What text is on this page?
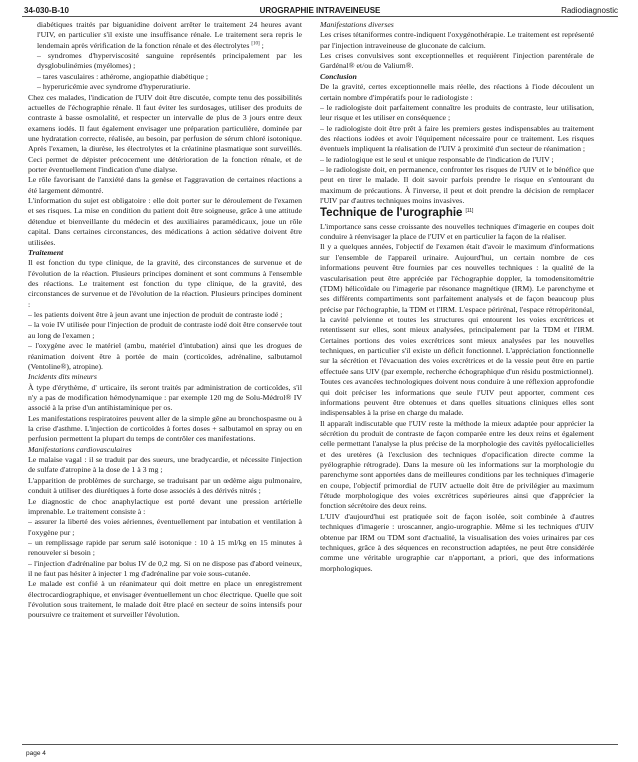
34-030-B-10	UROGRAPHIE INTRAVEINEUSE	Radiodiagnostic

diabétiques traités par biguanidine doivent arrêter le traitement 24 heures avant l'UIV, en particulier s'il existe une insuffisance rénale. Le traitement sera repris le lendemain après vérification de la fonction rénale et des électrolytes [10] ;

– syndromes d'hyperviscosité sanguine représentés principalement par les dysglobulinémies (myélomes) ;

– tares vasculaires : athérome, angiopathie diabétique ;

– hyperuricémie avec syndrome d'hyperuratiurie.

Chez ces malades, l'indication de l'UIV doit être discutée, compte tenu des possibilités actuelles de l'échographie rénale. Il faut éviter les surdosages, utiliser des produits de contraste à basse osmolalité, et respecter un intervalle de plus de 3 jours entre deux examens iodés. Il faut également envisager une préparation particulière, dominée par une hydratation correcte, réalisée, au besoin, par perfusion de sérum chloré isotonique. Après l'examen, la diurèse, les électrolytes et la créatinine plasmatique sont surveillés. Ceci permet de dépister précocement une détérioration de la fonction rénale, et de porter éventuellement l'indication d'une dialyse.

Le rôle favorisant de l'anxiété dans la genèse et l'aggravation de certaines réactions a été largement démontré.

L'information du sujet est obligatoire : elle doit porter sur le déroulement de l'examen et ses risques. La mise en condition du patient doit être soigneuse, grâce à une attitude détendue et bienveillante du médecin et des auxiliaires paramédicaux, joue un rôle capital. Dans certaines circonstances, des médications à action sédative doivent être utilisées.

Traitement

Il est fonction du type clinique, de la gravité, des circonstances de survenue et de l'évolution de la réaction. Plusieurs principes dominent et sont communs à l'ensemble des réactions. Le traitement est fonction du type clinique, de la gravité, des circonstances de survenue et de l'évolution de la réaction. Plusieurs principes dominent :

– les patients doivent être à jeun avant une injection de produit de contraste iodé ;

– la voie IV utilisée pour l'injection de produit de contraste iodé doit être conservée tout au long de l'examen ;

– l'oxygène avec le matériel (ambu, matériel d'intubation) ainsi que les drogues de réanimation doivent être à portée de main (corticoïdes, adrénaline, salbutamol (Ventoline®), atropine).

Incidents dits mineurs

À type d'érythème, d' urticaire, ils seront traités par administration de corticoïdes, s'il n'y a pas de modification hémodynamique : par exemple 120 mg de Solu-Médrol® IV associé à la prise d'un antihistaminique per os.

Les manifestations respiratoires peuvent aller de la simple gêne au bronchospasme ou à la crise d'asthme. L'injection de corticoïdes à fortes doses + salbutamol en spray ou en perfusion permettent la plupart du temps de contrôler ces manifestations.

Manifestations cardiovasculaires

Le malaise vagal : il se traduit par des sueurs, une bradycardie, et nécessite l'injection de sulfate d'atropine à la dose de 1 à 3 mg ;

L'apparition de problèmes de surcharge, se traduisant par un œdème aigu pulmonaire, conduit à utiliser des diurétiques à forte dose associés à des dérivés nitrés ;

Le diagnostic de choc anaphylactique est porté devant une pression artérielle imprenable. Le traitement consiste à :

– assurer la liberté des voies aériennes, éventuellement par intubation et ventilation à l'oxygène pur ;

– un remplissage rapide par serum salé isotonique : 10 à 15 ml/kg en 15 minutes à renouveler si besoin ;

– l'injection d'adrénaline par bolus IV de 0,2 mg. Si on ne dispose pas d'abord veineux, il ne faut pas hésiter à injecter 1 mg d'adrénaline par voie sous-cutanée.

Le malade est confié à un réanimateur qui doit mettre en place un enregistrement électrocardiographique, et envisager éventuellement un choc électrique. Quelle que soit l'évolution sous traitement, le malade doit être placé en secteur de soins intensifs pour poursuivre ce traitement et surveiller l'évolution.

Manifestations diverses

Les crises tétaniformes contre-indiquent l'oxygénothérapie. Le traitement est représenté par l'injection intraveineuse de gluconate de calcium.

Les crises convulsives sont exceptionnelles et requièrent l'injection parentérale de Gardénal® et/ou de Valium®.

Conclusion

De la gravité, certes exceptionnelle mais réelle, des réactions à l'iode découlent un certain nombre d'impératifs pour le radiologiste :

– le radiologiste doit parfaitement connaître les produits de contraste, leur utilisation, leur risque et les utiliser en conséquence ;

– le radiologiste doit être prêt à faire les premiers gestes indispensables au traitement des réactions iodées et avoir l'équipement nécessaire pour ce traitement. Les risques éventuels impliquent la réalisation de l'UIV à proximité d'un secteur de réanimation ;

– le radiologique est le seul et unique responsable de l'indication de l'UIV ;

– le radiologiste doit, en permanence, confronter les risques de l'UIV et le bénéfice que peut en tirer le malade. Il doit savoir parfois prendre le risque en s'entourant du maximum de précautions. À l'inverse, il peut et doit prendre la décision de remplacer l'UIV par d'autres techniques moins invasives.

Technique de l'urographie [11]

L'importance sans cesse croissante des nouvelles techniques d'imagerie en coupes doit conduire à réenvisager la place de l'UIV et en particulier la façon de la réaliser.

Il y a quelques années, l'objectif de l'examen était d'avoir le maximum d'informations sur l'ensemble de l'appareil urinaire. Aujourd'hui, un certain nombre de ces informations peuvent être fournies par ces nouvelles techniques : la qualité de la vascularisation peut être appréciée par l'échographie doppler, la tomodensitométrie (TDM) hélicoïdale ou l'imagerie par résonance magnétique (IRM). Le parenchyme et ses différents compartiments sont parfaitement analysés et de façon beaucoup plus précise par l'échographie, la TDM et l'IRM. L'espace périrénal, l'espace rétropéritonéal, la cavité pelvienne et toutes les structures qui entourent les voies excrétrices et retentissent sur elles, sont mieux analysées, principalement par la TDM et l'IRM. Certaines portions des voies excrétrices sont mieux analysées par les nouvelles techniques, en particulier s'il existe un déficit fonctionnel. L'appréciation fonctionnelle sur la sécrétion et l'évacuation des voies excrétrices et de la vessie peut être en partie effectuée sans UIV (par exemple, recherche échographique d'un résidu postmictionnel).

Toutes ces avancées technologiques doivent nous conduire à une réflexion approfondie qui doit préciser les informations que seule l'UIV peut apporter, comment ces informations peuvent être obtenues et dans quelles situations cliniques elles sont indispensables à la prise en charge du malade.

Il apparaît indiscutable que l'UIV reste la méthode la mieux adaptée pour apprécier la sécrétion du produit de contraste de façon comparée entre les deux reins et également celle permettant l'analyse la plus précise de la morphologie des cavités pyélocalicielles et des uretères (à l'exclusion des techniques d'opacification directe comme la pyélographie rétrograde). Dans la mesure où les informations sur la morphologie du parenchyme sont apportées dans de meilleures conditions par les techniques d'imagerie en coupe, l'objectif primordial de l'UIV actuelle doit être de privilégier au maximum l'étude morphologique des voies excrétrices supérieures ainsi que d'apprécier la fonction sécrétoire des deux reins.

L'UIV d'aujourd'hui est pratiquée soit de façon isolée, soit combinée à d'autres techniques d'imagerie : uroscanner, angio-urographie. Même si les techniques d'UIV obtenue par IRM ou TDM sont d'actualité, la visualisation des voies urinaires par ces techniques, grâce à des séquences en reconstruction adaptées, ne peut être considérée comme une véritable urographie car n'apportant, a priori, que des informations morphologiques.

page 4
